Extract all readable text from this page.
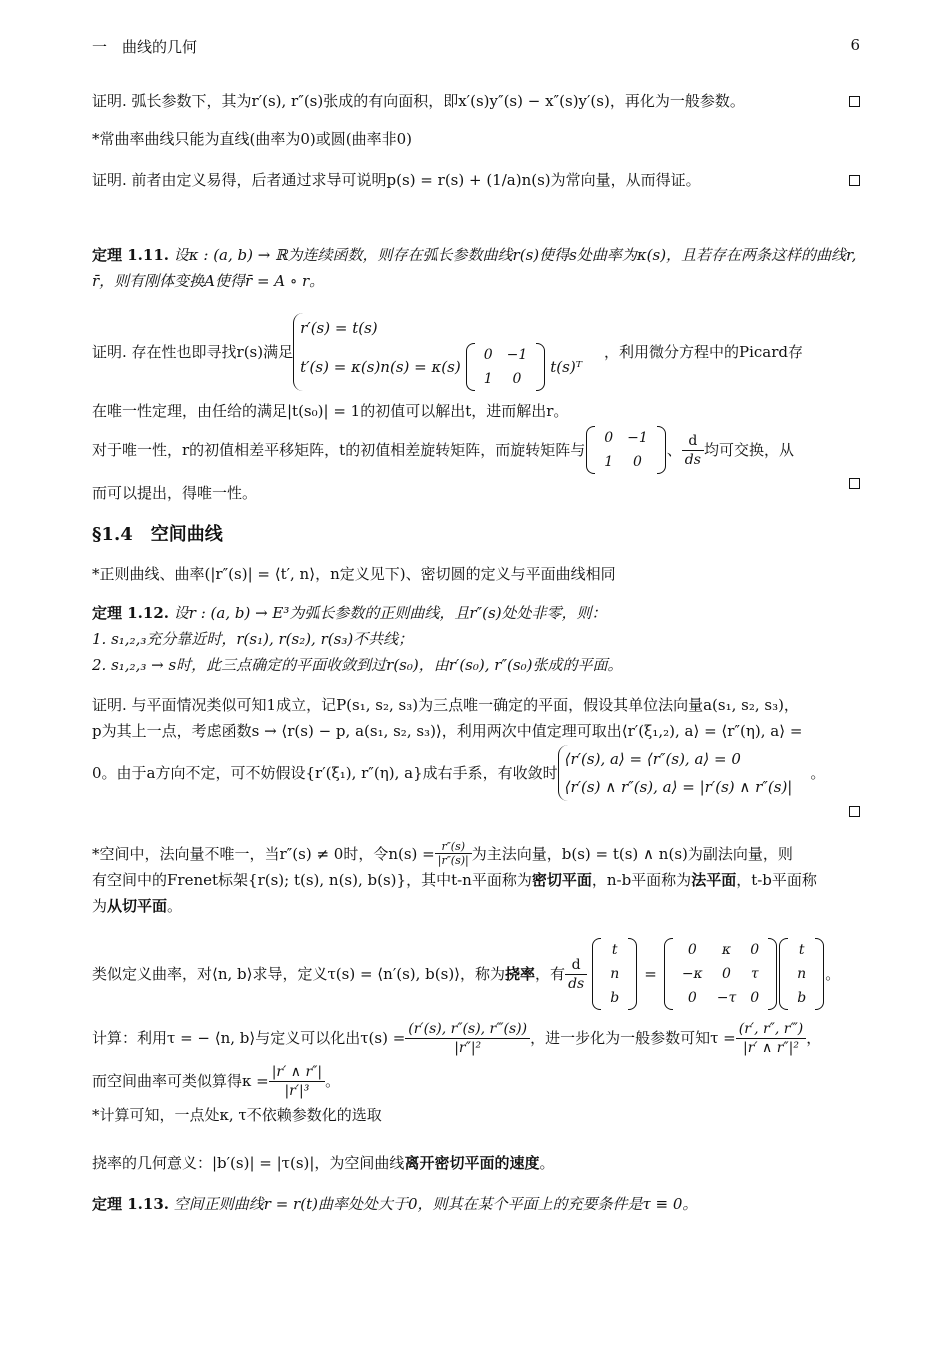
一　曲线的几何	6
证明. 弧长参数下，其为r′(s), r″(s)张成的有向面积，即x′(s)y″(s) − x″(s)y′(s)，再化为一般参数。
*常曲率曲线只能为直线(曲率为0)或圆(曲率非0)
证明. 前者由定义易得，后者通过求导可说明p(s) = r(s) + (1/a)n(s)为常向量，从而得证。
定理 1.11. 设κ : (a, b) → ℝ为连续函数，则存在弧长参数曲线r(s)使得s处曲率为κ(s)，且若存在两条这样的曲线r, r̄，则有刚体变换A使得r̄ = A ∘ r。
证明. 存在性也即寻找r(s)满足
r′(s) = t(s)
t′(s) = κ(s)n(s) = κ(s)
0	−1
1	0
t(s)ᵀ
，利用微分方程中的Picard存
在唯一性定理，由任给的满足|t(s₀)| = 1的初值可以解出t，进而解出r。
对于唯一性，r的初值相差平移矩阵，t的初值相差旋转矩阵，而旋转矩阵与
0	−1
1	0
、 $\frac{d}{ds}$ 均可交换，从
而可以提出，得唯一性。
§1.4　空间曲线
*正则曲线、曲率(|r″(s)| = ⟨t′, n⟩，n定义见下)、密切圆的定义与平面曲线相同
定理 1.12. 设r : (a, b) → E³为弧长参数的正则曲线，且r″(s)处处非零，则：
1. s₁,₂,₃充分靠近时，r(s₁), r(s₂), r(s₃)不共线；
2. s₁,₂,₃ → s时，此三点确定的平面收敛到过r(s₀)，由r′(s₀), r″(s₀)张成的平面。
证明. 与平面情况类似可知1成立，记P(s₁, s₂, s₃)为三点唯一确定的平面，假设其单位法向量a(s₁, s₂, s₃)，
p为其上一点，考虑函数s → ⟨r(s) − p, a(s₁, s₂, s₃)⟩，利用两次中值定理可取出⟨r′(ξ₁,₂), a⟩ = ⟨r″(η), a⟩ =
0。由于a方向不定，可不妨假设{r′(ξ₁), r″(η), a}成右手系，有收敛时
⟨r′(s), a⟩ = ⟨r″(s), a⟩ = 0
⟨r′(s) ∧ r″(s), a⟩ = |r′(s) ∧ r″(s)|
。
*空间中，法向量不唯一，当r″(s) ≠ 0时，令$n(s) = \frac{r''(s)}{|r''(s)|}$ 为主法向量，b(s) = t(s) ∧ n(s)为副法向量，则
有空间中的Frenet标架{r(s); t(s), n(s), b(s)}，其中t-n平面称为密切平面，n-b平面称为法平面，t-b平面称
为从切平面。
类似定义曲率，对⟨n, b⟩求导，定义τ(s) = ⟨n′(s), b(s)⟩，称为 挠率 ，有 $\frac{d}{ds}$
t
n
b
=
0	κ	0
−κ	0	τ
0	−τ	0
t
n
b
。
计算：利用τ = − ⟨n, b⟩与定义可以化出$\tau(s) = \frac{(r'(s), r''(s), r‴(s))}{\text{|r″|²}}$ ，进一步化为一般参数可知$\tau = \frac{(r', r'', r‴)}{\text{|r′ ∧ r″|²}}$ ，
而空间曲率可类似算得$\kappa = \frac{|r' \wedge r''|}{\text{|r′|³}}$ 。
*计算可知，一点处κ, τ不依赖参数化的选取
挠率的几何意义：|b′(s)| = |τ(s)|，为空间曲线离开密切平面的速度。
定理 1.13. 空间正则曲线r = r(t)曲率处处大于0，则其在某个平面上的充要条件是τ ≡ 0。
